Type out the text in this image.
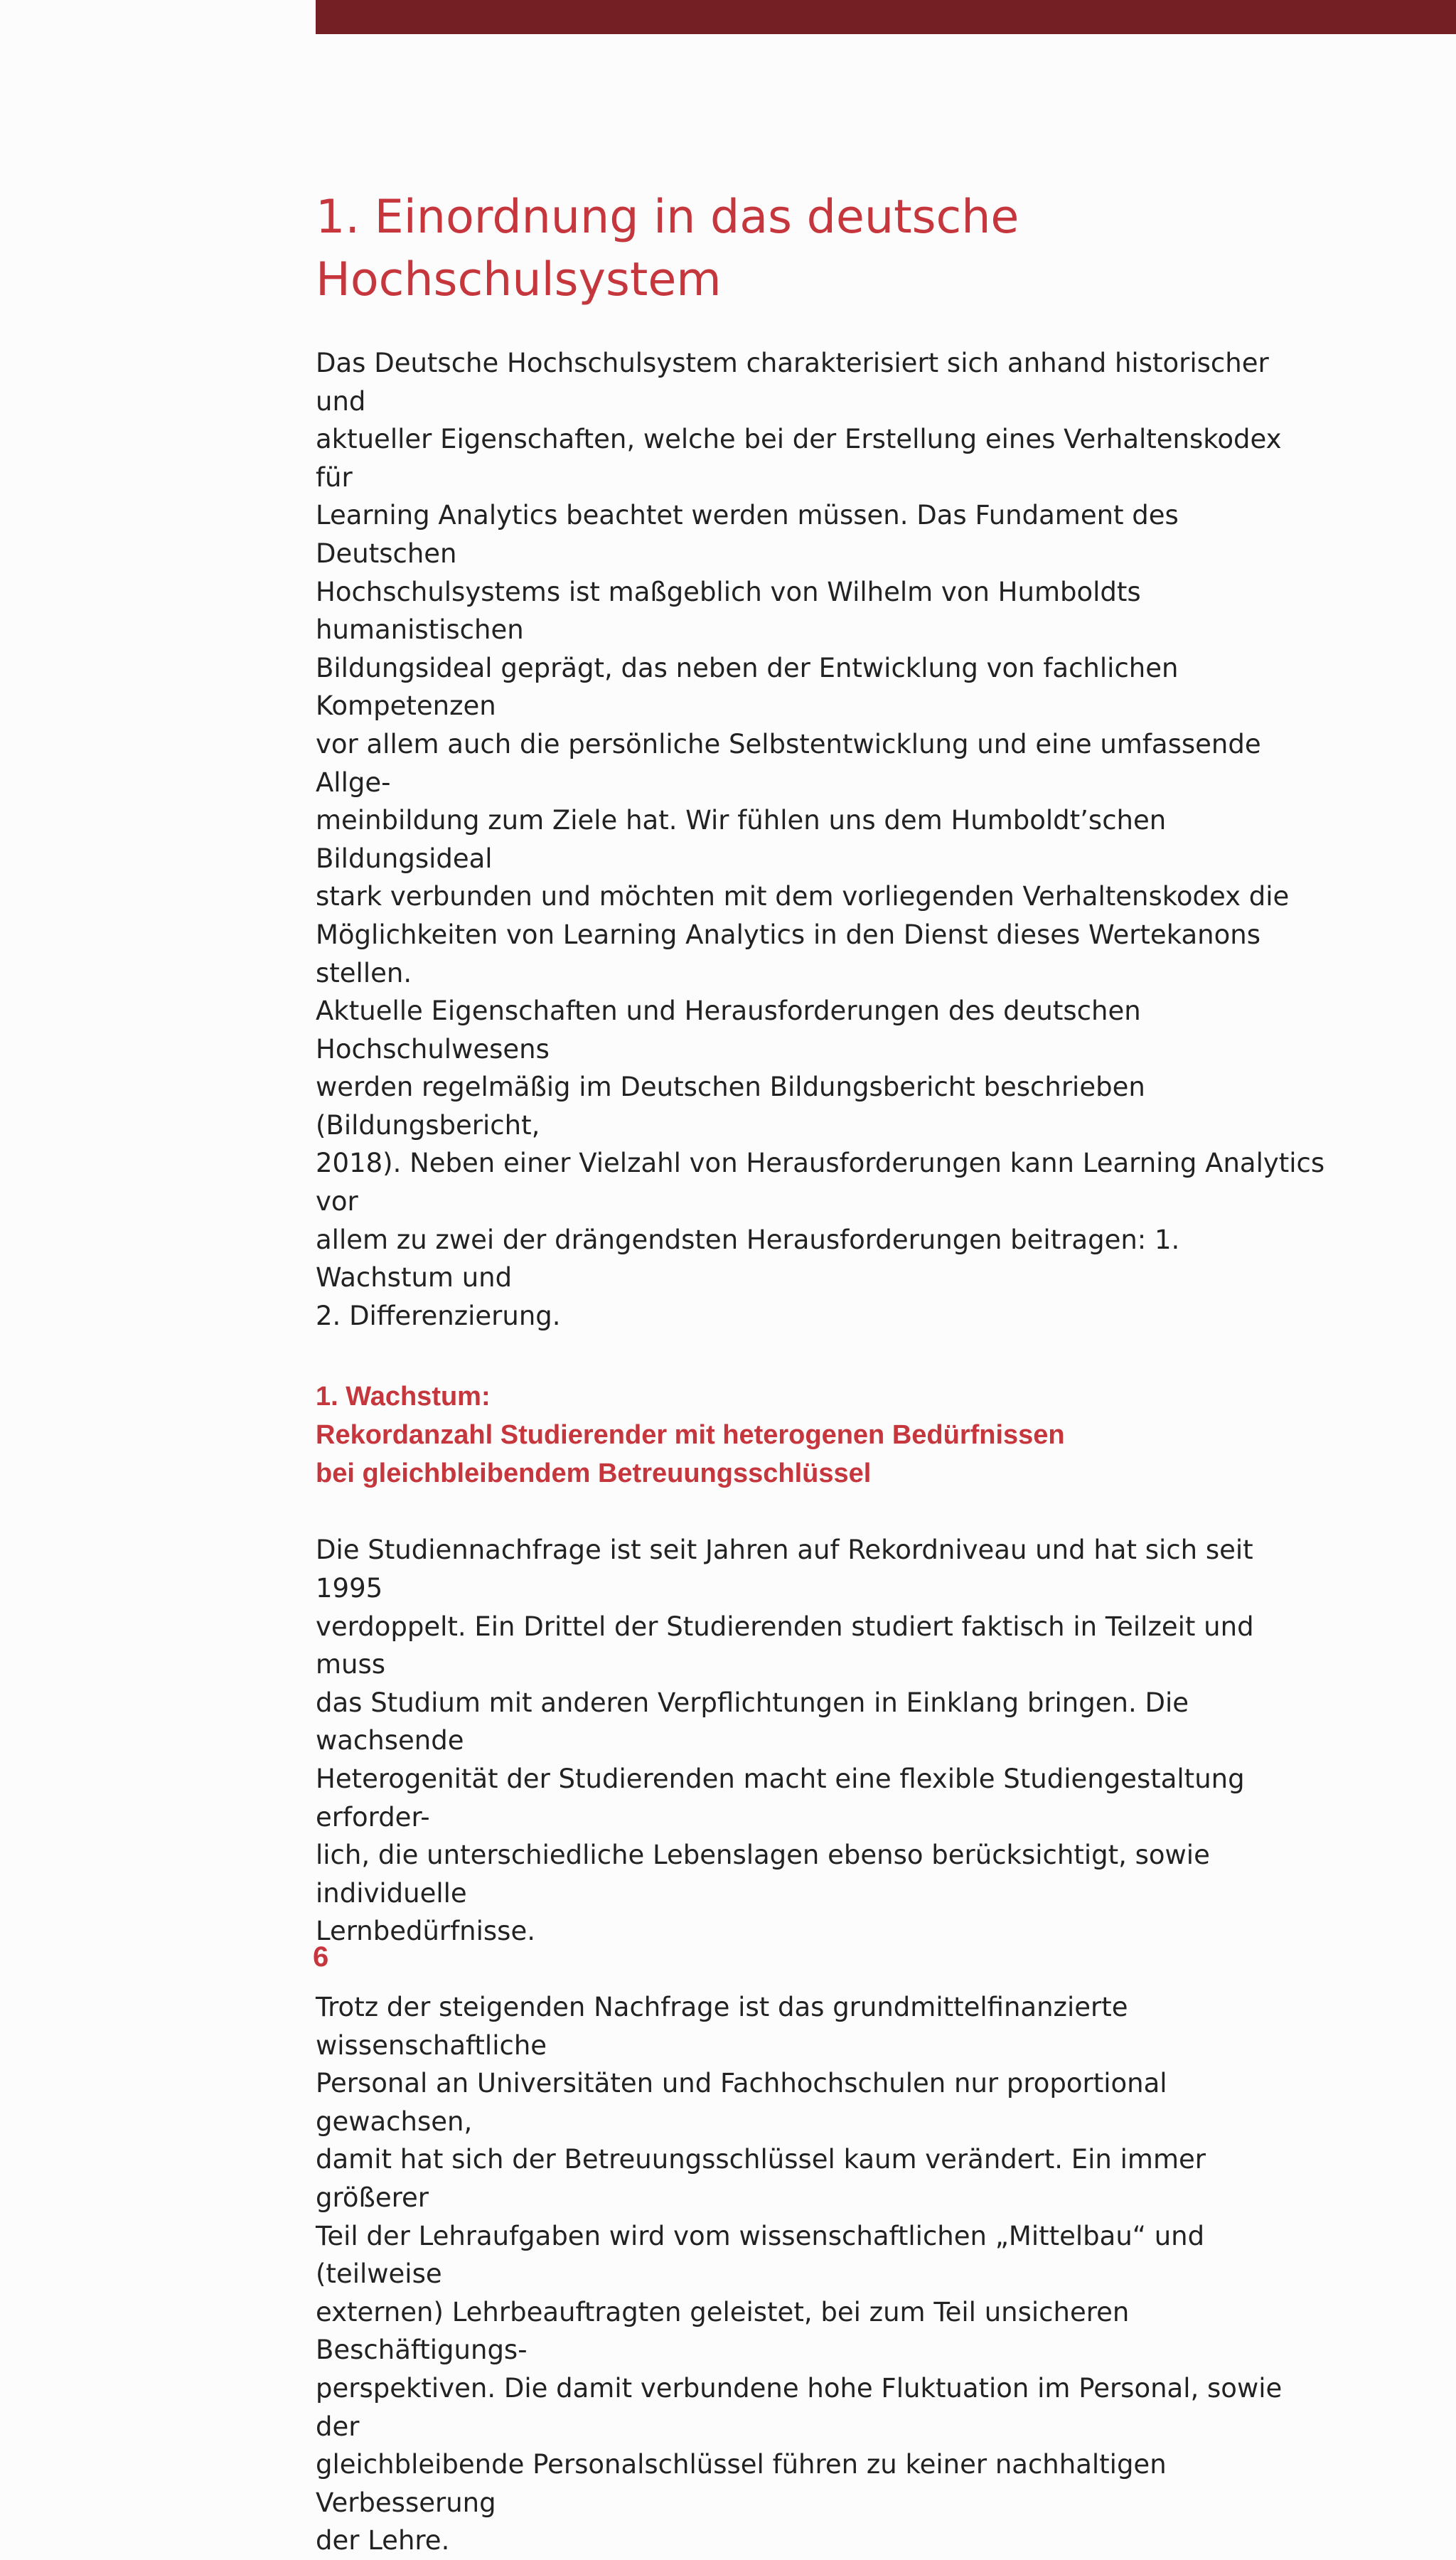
1. Einordnung in das deutsche
Hochschulsystem

Das Deutsche Hochschulsystem charakterisiert sich anhand historischer und
aktueller Eigenschaften, welche bei der Erstellung eines Verhaltenskodex für
Learning Analytics beachtet werden müssen. Das Fundament des Deutschen
Hochschulsystems ist maßgeblich von Wilhelm von Humboldts humanistischen
Bildungsideal geprägt, das neben der Entwicklung von fachlichen Kompetenzen
vor allem auch die persönliche Selbstentwicklung und eine umfassende Allge-
meinbildung zum Ziele hat. Wir fühlen uns dem Humboldt’schen Bildungsideal
stark verbunden und möchten mit dem vorliegenden Verhaltenskodex die
Möglichkeiten von Learning Analytics in den Dienst dieses Wertekanons stellen.
Aktuelle Eigenschaften und Herausforderungen des deutschen Hochschulwesens
werden regelmäßig im Deutschen Bildungsbericht beschrieben (Bildungsbericht,
2018). Neben einer Vielzahl von Herausforderungen kann Learning Analytics vor
allem zu zwei der drängendsten Herausforderungen beitragen: 1. Wachstum und
2. Differenzierung.

1. Wachstum:
Rekordanzahl Studierender mit heterogenen Bedürfnissen
bei gleichbleibendem Betreuungsschlüssel

Die Studiennachfrage ist seit Jahren auf Rekordniveau und hat sich seit 1995
verdoppelt. Ein Drittel der Studierenden studiert faktisch in Teilzeit und muss
das Studium mit anderen Verpflichtungen in Einklang bringen. Die wachsende
Heterogenität der Studierenden macht eine flexible Studiengestaltung erforder-
lich, die unterschiedliche Lebenslagen ebenso berücksichtigt, sowie individuelle
Lernbedürfnisse.

Trotz der steigenden Nachfrage ist das grundmittelfinanzierte wissenschaftliche
Personal an Universitäten und Fachhochschulen nur proportional gewachsen,
damit hat sich der Betreuungsschlüssel kaum verändert. Ein immer größerer
Teil der Lehraufgaben wird vom wissenschaftlichen „Mittelbau“ und (teilweise
externen) Lehrbeauftragten geleistet, bei zum Teil unsicheren Beschäftigungs-
perspektiven. Die damit verbundene hohe Fluktuation im Personal, sowie der
gleichbleibende Personalschlüssel führen zu keiner nachhaltigen Verbesserung
der Lehre.

6
